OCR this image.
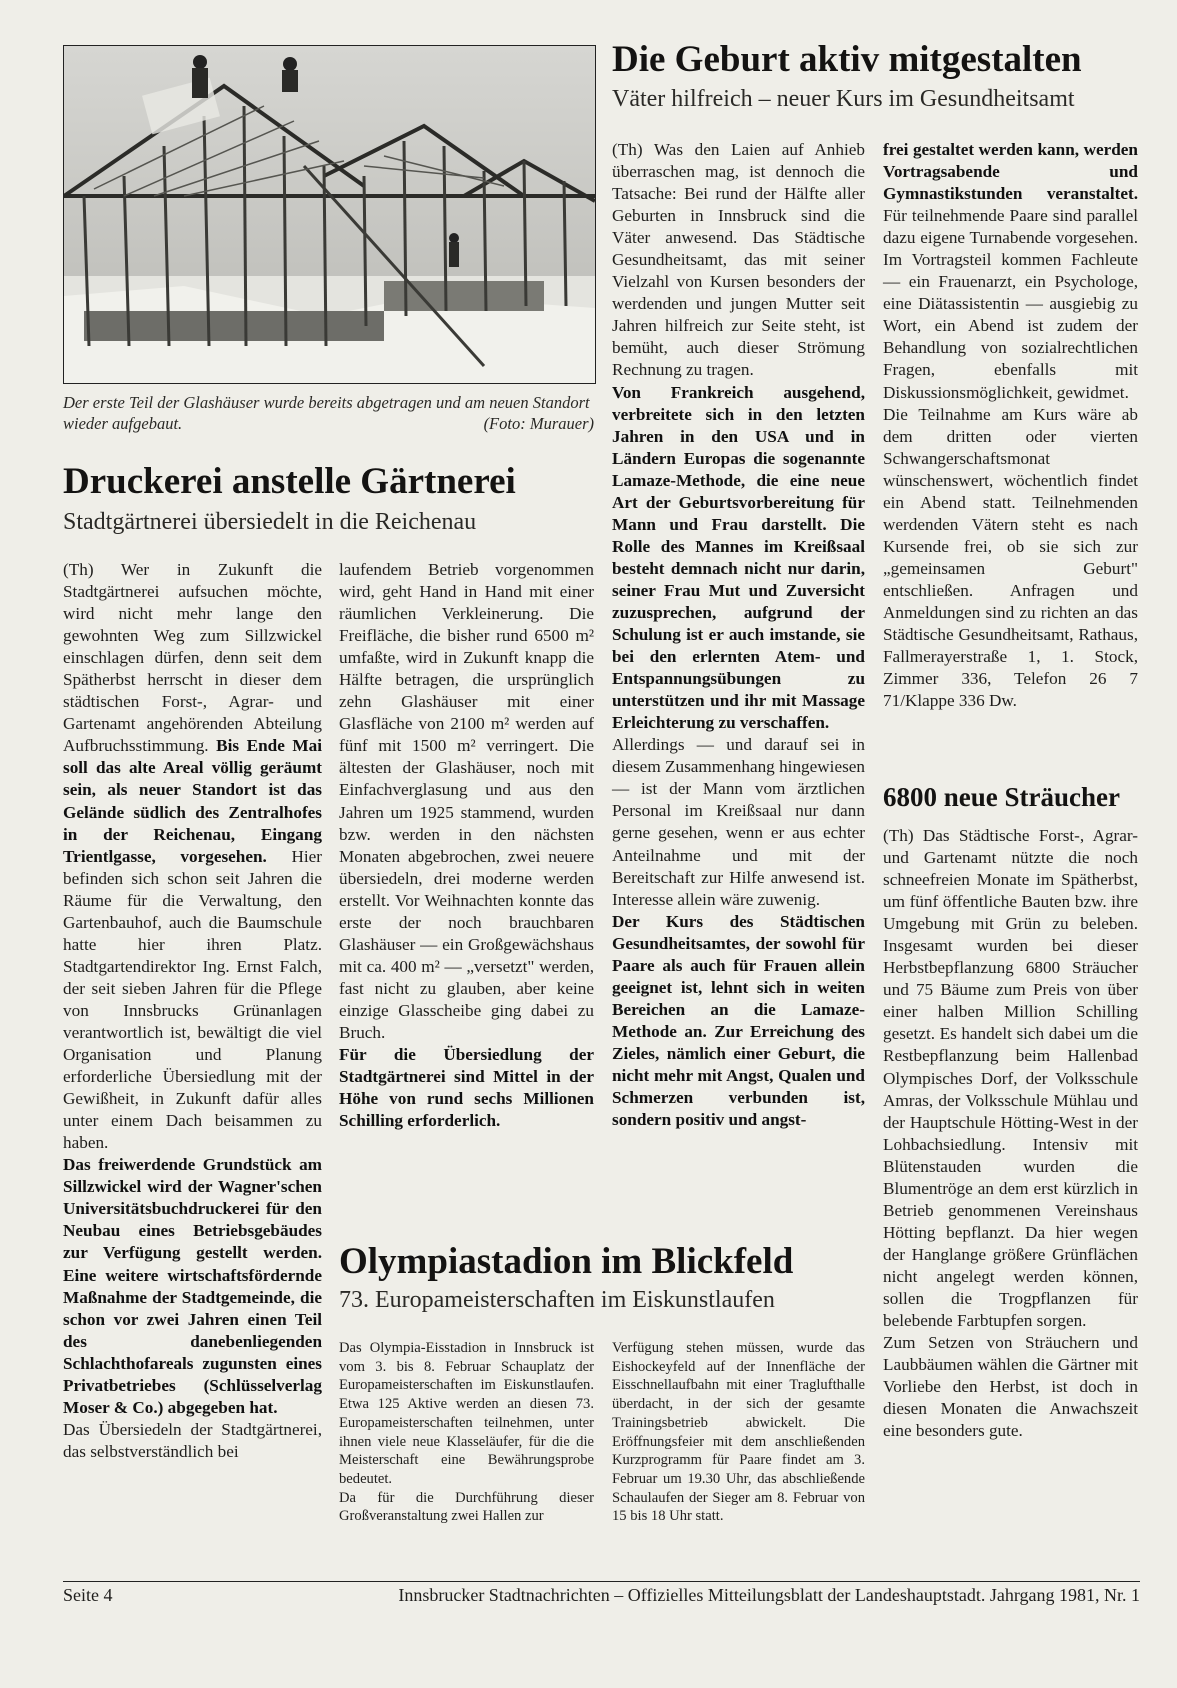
Der erste Teil der Glashäuser wurde bereits abgetragen und am neuen Standort wieder aufgebaut.	(Foto: Murauer)
Die Geburt aktiv mitgestalten
Väter hilfreich – neuer Kurs im Gesundheitsamt

(Th) Was den Laien auf Anhieb überraschen mag, ist dennoch die Tatsache: Bei rund der Hälfte aller Geburten in Innsbruck sind die Väter anwesend. Das Städtische Gesundheitsamt, das mit seiner Vielzahl von Kursen besonders der werdenden und jungen Mutter seit Jahren hilfreich zur Seite steht, ist bemüht, auch dieser Strömung Rechnung zu tragen.

Von Frankreich ausgehend, verbreitete sich in den letzten Jahren in den USA und in Ländern Europas die sogenannte Lamaze-Methode, die eine neue Art der Geburtsvorbereitung für Mann und Frau darstellt. Die Rolle des Mannes im Kreißsaal besteht demnach nicht nur darin, seiner Frau Mut und Zuversicht zuzusprechen, aufgrund der Schulung ist er auch imstande, sie bei den erlernten Atem- und Entspannungsübungen zu unterstützen und ihr mit Massage Erleichterung zu verschaffen.

Allerdings — und darauf sei in diesem Zusammenhang hingewiesen — ist der Mann vom ärztlichen Personal im Kreißsaal nur dann gerne gesehen, wenn er aus echter Anteilnahme und mit der Bereitschaft zur Hilfe anwesend ist. Interesse allein wäre zuwenig.

Der Kurs des Städtischen Gesundheitsamtes, der sowohl für Paare als auch für Frauen allein geeignet ist, lehnt sich in weiten Bereichen an die Lamaze-Methode an. Zur Erreichung des Zieles, nämlich einer Geburt, die nicht mehr mit Angst, Qualen und Schmerzen verbunden ist, sondern positiv und angst-

frei gestaltet werden kann, werden Vortragsabende und Gymnastikstunden veranstaltet. Für teilnehmende Paare sind parallel dazu eigene Turnabende vorgesehen. Im Vortragsteil kommen Fachleute — ein Frauenarzt, ein Psychologe, eine Diätassistentin — ausgiebig zu Wort, ein Abend ist zudem der Behandlung von sozialrechtlichen Fragen, ebenfalls mit Diskussionsmöglichkeit, gewidmet.

Die Teilnahme am Kurs wäre ab dem dritten oder vierten Schwangerschaftsmonat wünschenswert, wöchentlich findet ein Abend statt. Teilnehmenden werdenden Vätern steht es nach Kursende frei, ob sie sich zur „gemeinsamen Geburt" entschließen. Anfragen und Anmeldungen sind zu richten an das Städtische Gesundheitsamt, Rathaus, Fallmerayerstraße 1, 1. Stock, Zimmer 336, Telefon 26 7 71/Klappe 336 Dw.

6800 neue Sträucher

(Th) Das Städtische Forst-, Agrar- und Gartenamt nützte die noch schneefreien Monate im Spätherbst, um fünf öffentliche Bauten bzw. ihre Umgebung mit Grün zu beleben. Insgesamt wurden bei dieser Herbstbepflanzung 6800 Sträucher und 75 Bäume zum Preis von über einer halben Million Schilling gesetzt. Es handelt sich dabei um die Restbepflanzung beim Hallenbad Olympisches Dorf, der Volksschule Amras, der Volksschule Mühlau und der Hauptschule Hötting-West in der Lohbachsiedlung. Intensiv mit Blütenstauden wurden die Blumentröge an dem erst kürzlich in Betrieb genommenen Vereinshaus Hötting bepflanzt. Da hier wegen der Hanglange größere Grünflächen nicht angelegt werden können, sollen die Trogpflanzen für belebende Farbtupfen sorgen.

Zum Setzen von Sträuchern und Laubbäumen wählen die Gärtner mit Vorliebe den Herbst, ist doch in diesen Monaten die Anwachszeit eine besonders gute.

Druckerei anstelle Gärtnerei
Stadtgärtnerei übersiedelt in die Reichenau

(Th) Wer in Zukunft die Stadtgärtnerei aufsuchen möchte, wird nicht mehr lange den gewohnten Weg zum Sillzwickel einschlagen dürfen, denn seit dem Spätherbst herrscht in dieser dem städtischen Forst-, Agrar- und Gartenamt angehörenden Abteilung Aufbruchsstimmung. Bis Ende Mai soll das alte Areal völlig geräumt sein, als neuer Standort ist das Gelände südlich des Zentralhofes in der Reichenau, Eingang Trientlgasse, vorgesehen. Hier befinden sich schon seit Jahren die Räume für die Verwaltung, den Gartenbauhof, auch die Baumschule hatte hier ihren Platz. Stadtgartendirektor Ing. Ernst Falch, der seit sieben Jahren für die Pflege von Innsbrucks Grünanlagen verantwortlich ist, bewältigt die viel Organisation und Planung erforderliche Übersiedlung mit der Gewißheit, in Zukunft dafür alles unter einem Dach beisammen zu haben.

Das freiwerdende Grundstück am Sillzwickel wird der Wagner'schen Universitätsbuchdruckerei für den Neubau eines Betriebsgebäudes zur Verfügung gestellt werden. Eine weitere wirtschaftsfördernde Maßnahme der Stadtgemeinde, die schon vor zwei Jahren einen Teil des danebenliegenden Schlachthofareals zugunsten eines Privatbetriebes (Schlüsselverlag Moser & Co.) abgegeben hat.

Das Übersiedeln der Stadtgärtnerei, das selbstverständlich bei

laufendem Betrieb vorgenommen wird, geht Hand in Hand mit einer räumlichen Verkleinerung. Die Freifläche, die bisher rund 6500 m² umfaßte, wird in Zukunft knapp die Hälfte betragen, die ursprünglich zehn Glashäuser mit einer Glasfläche von 2100 m² werden auf fünf mit 1500 m² verringert. Die ältesten der Glashäuser, noch mit Einfachverglasung und aus den Jahren um 1925 stammend, wurden bzw. werden in den nächsten Monaten abgebrochen, zwei neuere übersiedeln, drei moderne werden erstellt. Vor Weihnachten konnte das erste der noch brauchbaren Glashäuser — ein Großgewächshaus mit ca. 400 m² — „versetzt" werden, fast nicht zu glauben, aber keine einzige Glasscheibe ging dabei zu Bruch.

Für die Übersiedlung der Stadtgärtnerei sind Mittel in der Höhe von rund sechs Millionen Schilling erforderlich.

Olympiastadion im Blickfeld
73. Europameisterschaften im Eiskunstlaufen

Das Olympia-Eisstadion in Innsbruck ist vom 3. bis 8. Februar Schauplatz der Europameisterschaften im Eiskunstlaufen. Etwa 125 Aktive werden an diesen 73. Europameisterschaften teilnehmen, unter ihnen viele neue Klasseläufer, für die die Meisterschaft eine Bewährungsprobe bedeutet.

Da für die Durchführung dieser Großveranstaltung zwei Hallen zur

Verfügung stehen müssen, wurde das Eishockeyfeld auf der Innenfläche der Eisschnellaufbahn mit einer Traglufthalle überdacht, in der sich der gesamte Trainingsbetrieb abwickelt. Die Eröffnungsfeier mit dem anschließenden Kurzprogramm für Paare findet am 3. Februar um 19.30 Uhr, das abschließende Schaulaufen der Sieger am 8. Februar von 15 bis 18 Uhr statt.

Seite 4	Innsbrucker Stadtnachrichten – Offizielles Mitteilungsblatt der Landeshauptstadt. Jahrgang 1981, Nr. 1
